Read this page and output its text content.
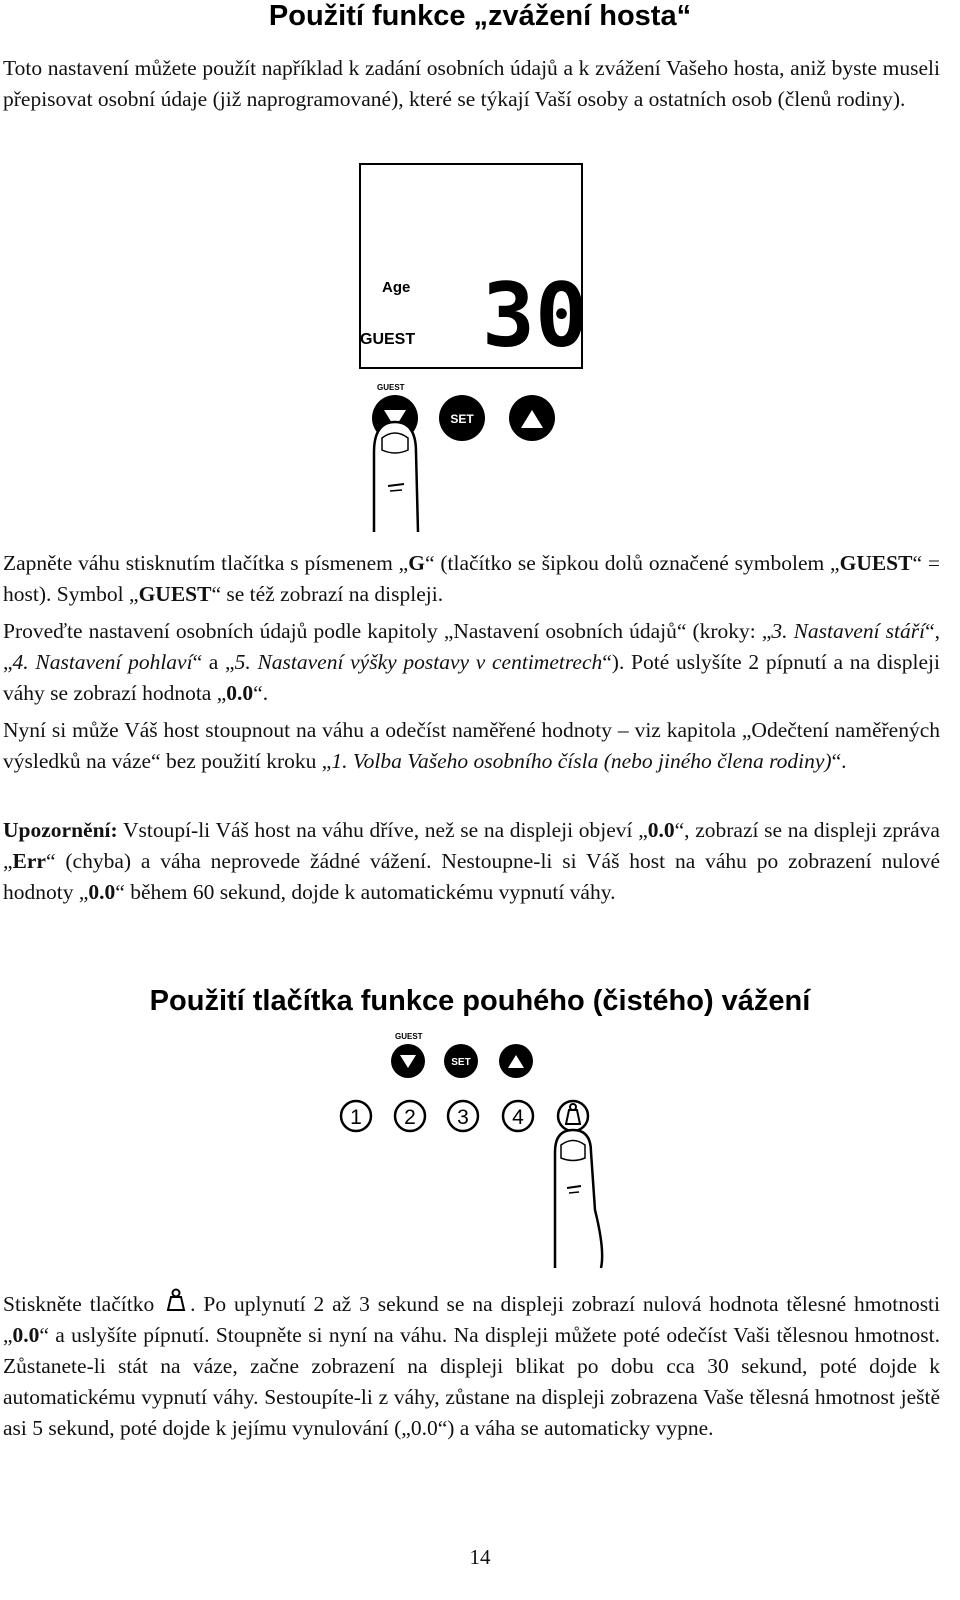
Použití funkce „zvážení hosta“

Toto nastavení můžete použít například k zadání osobních údajů a k zvážení Vašeho hosta, aniž byste museli přepisovat osobní údaje (již naprogramované), které se týkají Vaší osoby a ostatních osob (členů rodiny).

Age
GUEST 30
GUEST
SET

Zapněte váhu stisknutím tlačítka s písmenem „G“ (tlačítko se šipkou dolů označené symbolem „GUEST“ = host). Symbol „GUEST“ se též zobrazí na displeji.

Proveďte nastavení osobních údajů podle kapitoly „Nastavení osobních údajů“ (kroky: „3. Nastavení stáří“, „4. Nastavení pohlaví“ a „5. Nastavení výšky postavy v centimetrech“). Poté uslyšíte 2 pípnutí a na displeji váhy se zobrazí hodnota „0.0“.

Nyní si může Váš host stoupnout na váhu a odečíst naměřené hodnoty – viz kapitola „Odečtení naměřených výsledků na váze“ bez použití kroku „1. Volba Vašeho osobního čísla (nebo jiného člena rodiny)“.

Upozornění: Vstoupí-li Váš host na váhu dříve, než se na displeji objeví „0.0“, zobrazí se na displeji zpráva „Err“ (chyba) a váha neprovede žádné vážení. Nestoupne-li si Váš host na váhu po zobrazení nulové hodnoty „0.0“ během 60 sekund, dojde k automatickému vypnutí váhy.

Použití tlačítka funkce pouhého (čistého) vážení
GUEST
SET
1 2 3 4

Stiskněte tlačítko . Po uplynutí 2 až 3 sekund se na displeji zobrazí nulová hodnota tělesné hmotnosti „0.0“ a uslyšíte pípnutí. Stoupněte si nyní na váhu. Na displeji můžete poté odečíst Vaši tělesnou hmotnost. Zůstanete-li stát na váze, začne zobrazení na displeji blikat po dobu cca 30 sekund, poté dojde k automatickému vypnutí váhy. Sestoupíte-li z váhy, zůstane na displeji zobrazena Vaše tělesná hmotnost ještě asi 5 sekund, poté dojde k jejímu vynulování („0.0“) a váha se automaticky vypne.

14
